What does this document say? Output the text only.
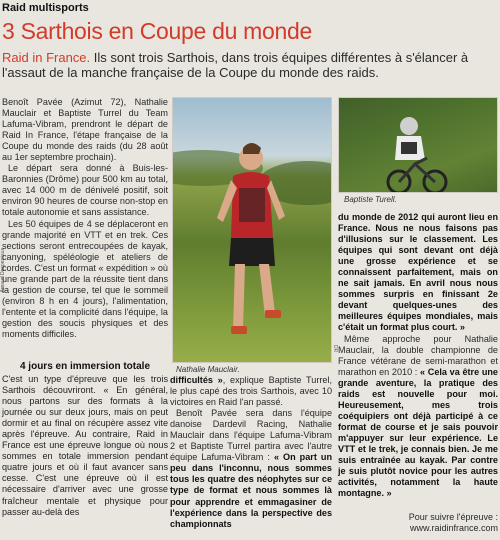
Raid multisports
3 Sarthois en Coupe du monde
Raid in France. Ils sont trois Sarthois, dans trois équipes différentes à s'élancer à l'assaut de la manche française de la Coupe du monde des raids.
Arnaud Desperriaux

Benoît Pavée (Azimut 72), Nathalie Mauclair et Baptiste Turrel du Team Lafuma-Vibram, prendront le départ de Raid In France, l'étape française de la Coupe du monde des raids (du 28 août au 1er septembre prochain).

Le départ sera donné à Buis-les-Baronnies (Drôme) pour 500 km au total, avec 14 000 m de dénivelé positif, soit environ 90 heures de course non-stop en totale autonomie et sans assistance.

Les 50 équipes de 4 se déplaceront en grande majorité en VTT et en trek. Ces sections seront entrecoupées de kayak, canyoning, spéléologie et ateliers de cordes. C'est un format « expédition » où une grande part de la réussite tient dans la gestion de course, tel que le sommeil (environ 8 h en 4 jours), l'alimentation, l'entente et la complicité dans l'équipe, la gestion des soucis physiques et des moments difficiles.

4 jours en immersion totale
C'est un type d'épreuve que les trois Sarthois découvriront. « En général, nous partons sur des formats à la journée ou sur deux jours, mais on peut dormir et au final on récupère assez vite après l'épreuve. Au contraire, Raid in France est une épreuve longue où nous sommes en totale immersion pendant quatre jours et où il faut avancer sans cesse. C'est une épreuve où il est nécessaire d'arriver avec une grosse fraîcheur mentale et physique pour passer au-delà des
Nathalie Mauclair.
DR
Baptiste Turell.

difficultés », explique Baptiste Turrel, le plus capé des trois Sarthois, avec 10 victoires en Raid l'an passé.

Benoît Pavée sera dans l'équipe danoise Dardevil Racing, Nathalie Mauclair dans l'équipe Lafuma-Vibram 2 et Baptiste Turrel partira avec l'autre équipe Lafuma-Vibram : « On part un peu dans l'inconnu, nous sommes tous les quatre des néophytes sur ce type de format et nous sommes là pour apprendre et emmagasiner de l'expérience dans la perspective des championnats

du monde de 2012 qui auront lieu en France. Nous ne nous faisons pas d'illusions sur le classement. Les équipes qui sont devant ont déjà une grosse expérience et se connaissent parfaitement, mais on ne sait jamais. En avril nous nous sommes surpris en finissant 2e devant quelques-unes des meilleures équipes mondiales, mais c'était un format plus court. »

Même approche pour Nathalie Mauclair, la double championne de France vétérane de semi-marathon et marathon en 2010 : « Cela va être une grande aventure, la pratique des raids est nouvelle pour moi. Heureusement, mes trois coéquipiers ont déjà participé à ce format de course et je sais pouvoir m'appuyer sur leur expérience. Le VTT et le trek, je connais bien. Je me suis entraînée au kayak. Par contre je suis plutôt novice pour les autres activités, notamment la haute montagne. »

Pour suivre l'épreuve : www.raidinfrance.com
